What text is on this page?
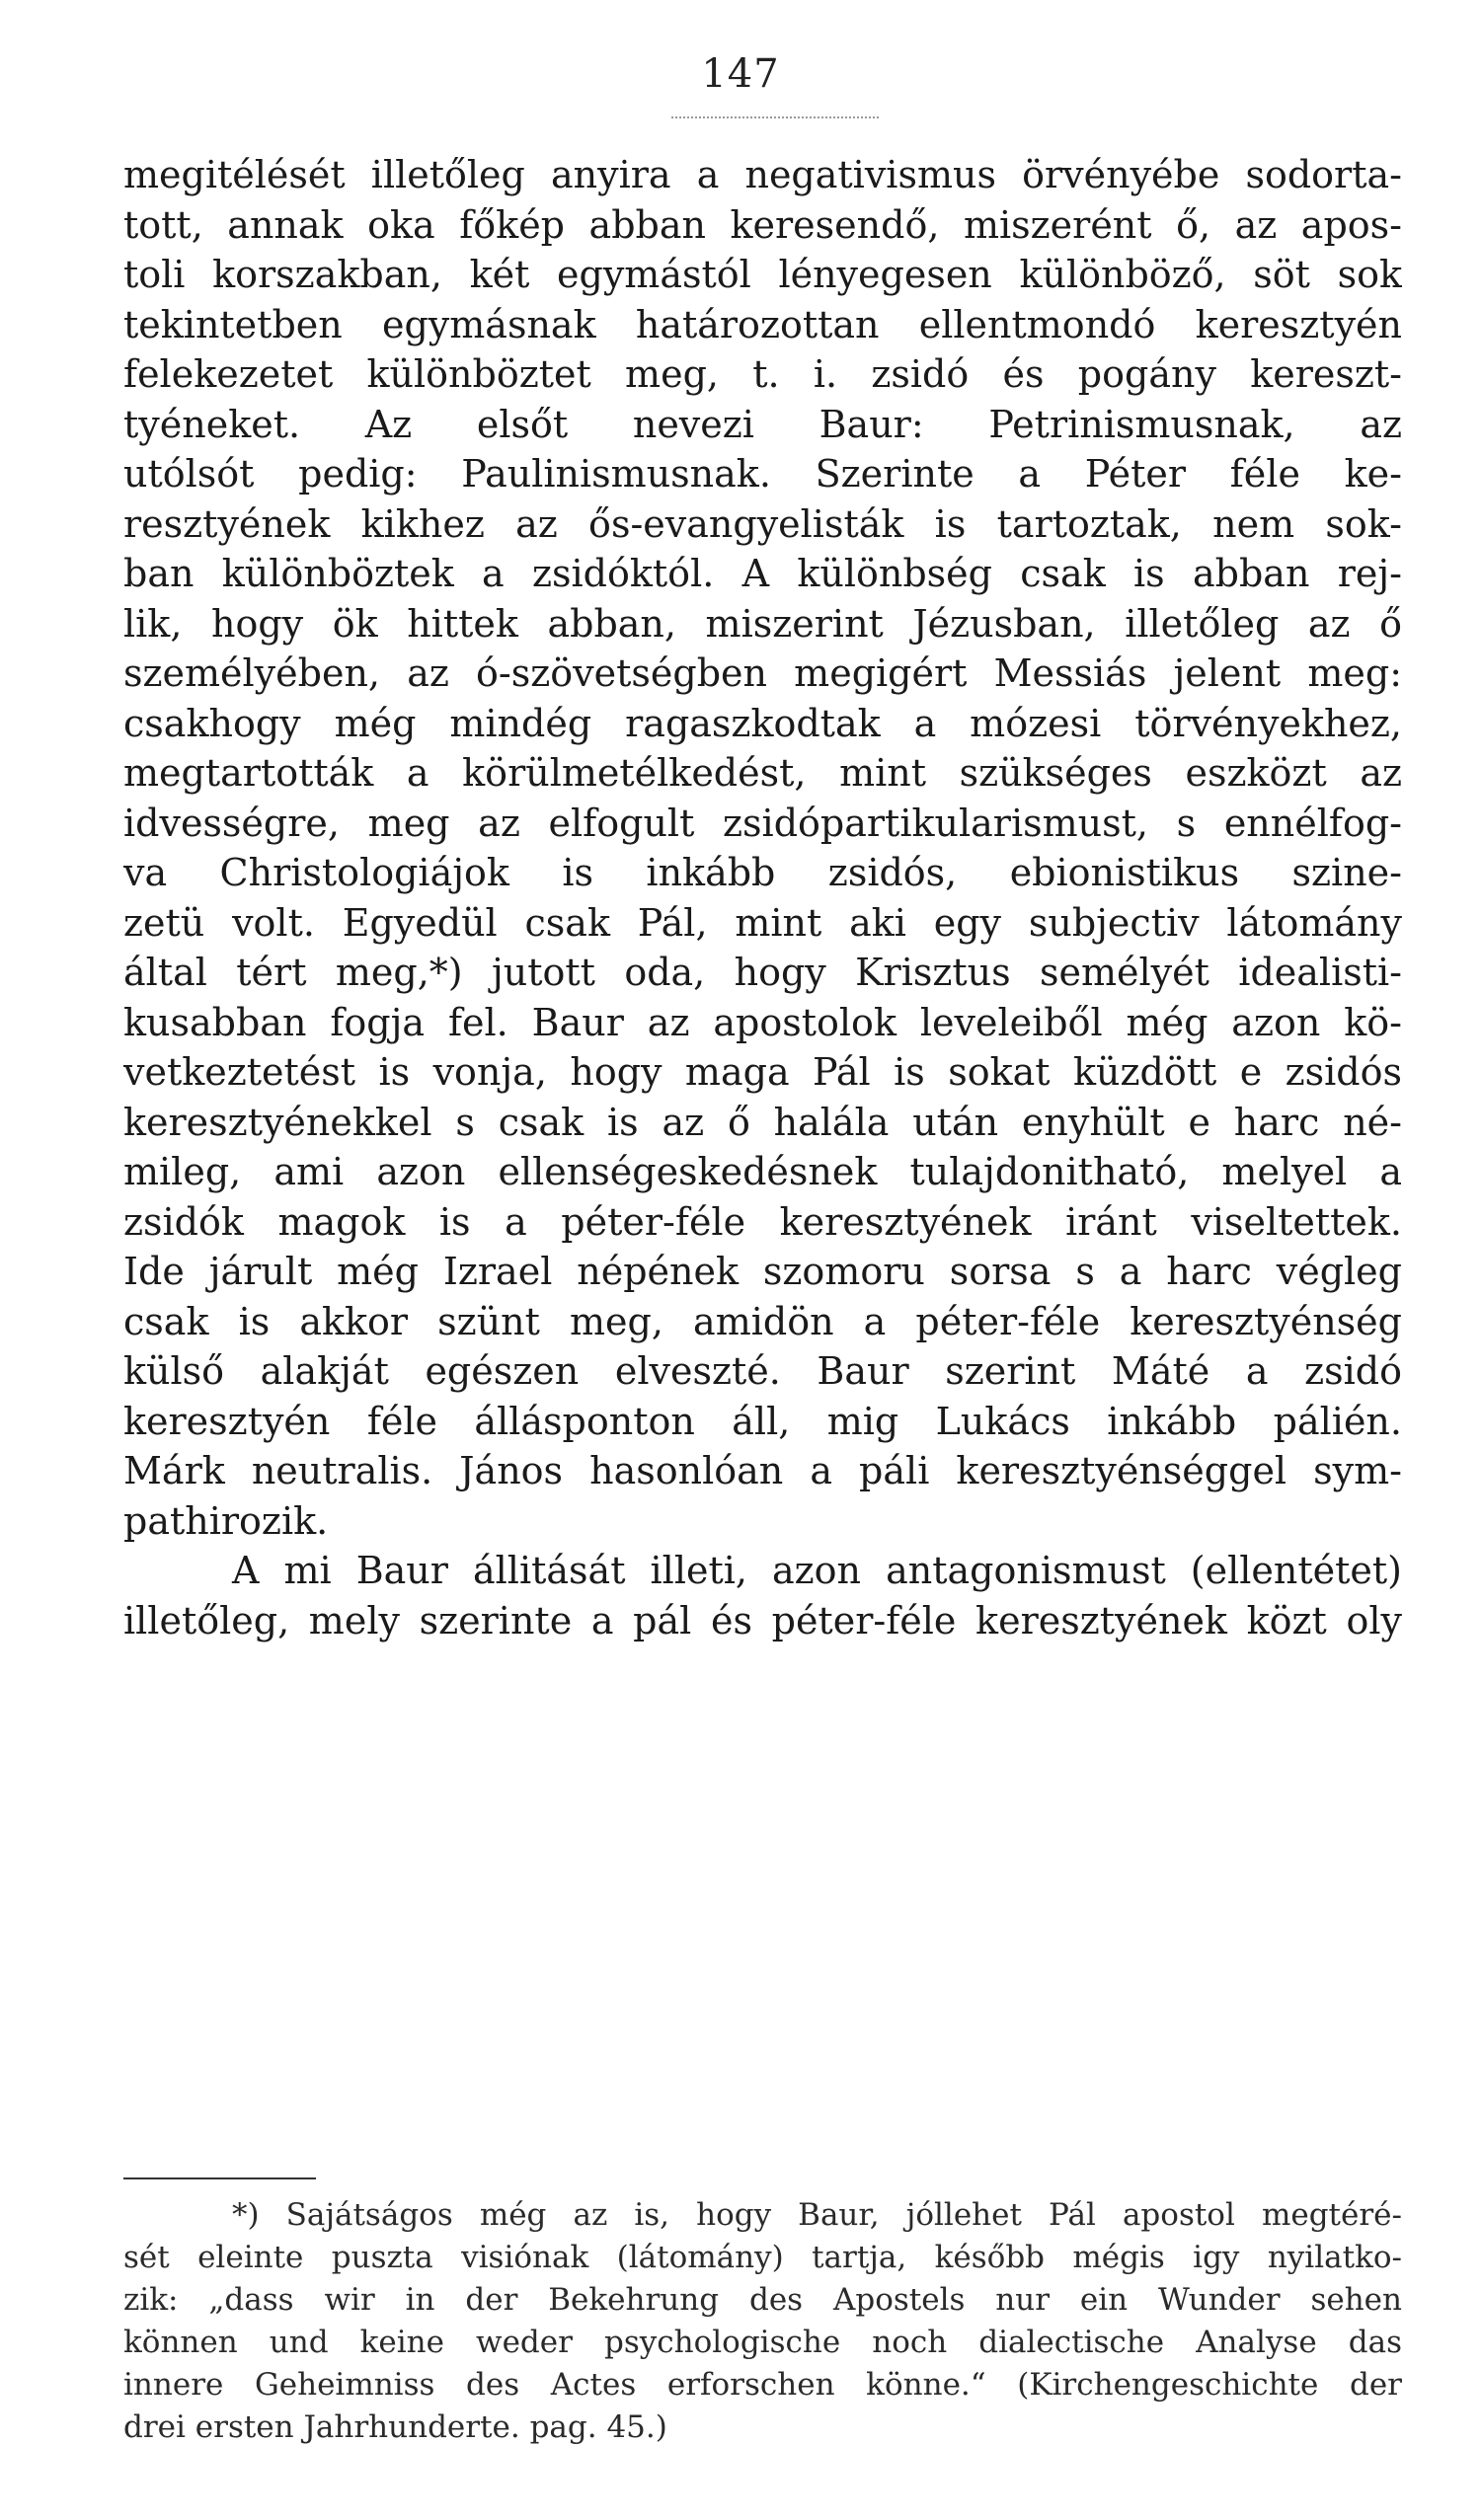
147
megitélését illetőleg anyira a negativismus örvényébe sodorta-
tott, annak oka főkép abban keresendő, miszerént ő, az apos-
toli korszakban, két egymástól lényegesen különböző, söt sok
tekintetben egymásnak határozottan ellentmondó keresztyén
felekezetet különböztet meg, t. i. zsidó és pogány kereszt-
tyéneket. Az elsőt nevezi Baur: Petrinismusnak, az
utólsót pedig: Paulinismusnak. Szerinte a Péter féle ke-
resztyének kikhez az ős-evangyelisták is tartoztak, nem sok-
ban különböztek a zsidóktól. A különbség csak is abban rej-
lik, hogy ök hittek abban, miszerint Jézusban, illetőleg az ő
személyében, az ó-szövetségben megigért Messiás jelent meg:
csakhogy még mindég ragaszkodtak a mózesi törvényekhez,
megtartották a körülmetélkedést, mint szükséges eszközt az
idvességre, meg az elfogult zsidópartikularismust, s ennélfog-
va Christologiájok is inkább zsidós, ebionistikus szine-
zetü volt. Egyedül csak Pál, mint aki egy subjectiv látomány
által tért meg,*) jutott oda, hogy Krisztus semélyét idealisti-
kusabban fogja fel. Baur az apostolok leveleiből még azon kö-
vetkeztetést is vonja, hogy maga Pál is sokat küzdött e zsidós
keresztyénekkel s csak is az ő halála után enyhült e harc né-
mileg, ami azon ellenségeskedésnek tulajdonitható, melyel a
zsidók magok is a péter-féle keresztyének iránt viseltettek.
Ide járult még Izrael népének szomoru sorsa s a harc végleg
csak is akkor szünt meg, amidön a péter-féle keresztyénség
külső alakját egészen elveszté. Baur szerint Máté a zsidó
keresztyén féle állásponton áll, mig Lukács inkább pálién.
Márk neutralis. János hasonlóan a páli keresztyénséggel sym-
pathirozik.
A mi Baur állitását illeti, azon antagonismust (ellentétet)
illetőleg, mely szerinte a pál és péter-féle keresztyének közt oly
*) Sajátságos még az is, hogy Baur, jóllehet Pál apostol megtéré-
sét eleinte puszta visiónak (látomány) tartja, később mégis igy nyilatko-
zik: „dass wir in der Bekehrung des Apostels nur ein Wunder sehen
können und keine weder psychologische noch dialectische Analyse das
innere Geheimniss des Actes erforschen könne.“ (Kirchengeschichte der
drei ersten Jahrhunderte. pag. 45.)
